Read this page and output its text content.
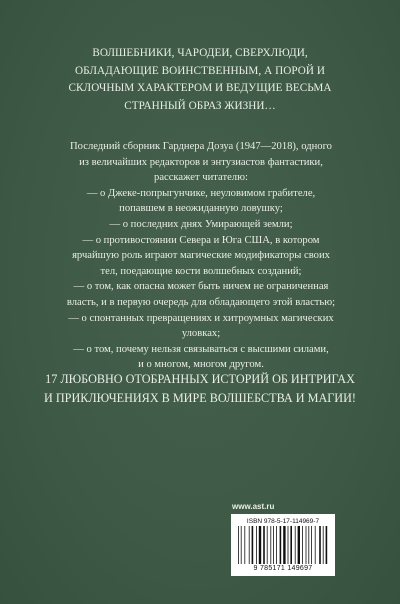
ВОЛШЕБНИКИ, ЧАРОДЕИ, СВЕРХЛЮДИ,
ОБЛАДАЮЩИЕ ВОИНСТВЕННЫМ, А ПОРОЙ И
СКЛОЧНЫМ ХАРАКТЕРОМ И ВЕДУЩИЕ ВЕСЬМА
СТРАННЫЙ ОБРАЗ ЖИЗНИ…
Последний сборник Гарднера Дозуа (1947—2018), одного
из величайших редакторов и энтузиастов фантастики,
расскажет читателю:
— о Джеке-попрыгунчике, неуловимом грабителе,
попавшем в неожиданную ловушку;
— о последних днях Умирающей земли;
— о противостоянии Севера и Юга США, в котором
ярчайшую роль играют магические модификаторы своих
тел, поедающие кости волшебных созданий;
— о том, как опасна может быть ничем не ограниченная
власть, и в первую очередь для обладающего этой властью;
— о спонтанных превращениях и хитроумных магических
уловках;
— о том, почему нельзя связываться с высшими силами,
и о многом, многом другом.
17 ЛЮБОВНО ОТОБРАННЫХ ИСТОРИЙ ОБ ИНТРИГАХ
И ПРИКЛЮЧЕНИЯХ В МИРЕ ВОЛШЕБСТВА И МАГИИ!
www.ast.ru
ISBN 978-5-17-114969-7
9 785171 149697
